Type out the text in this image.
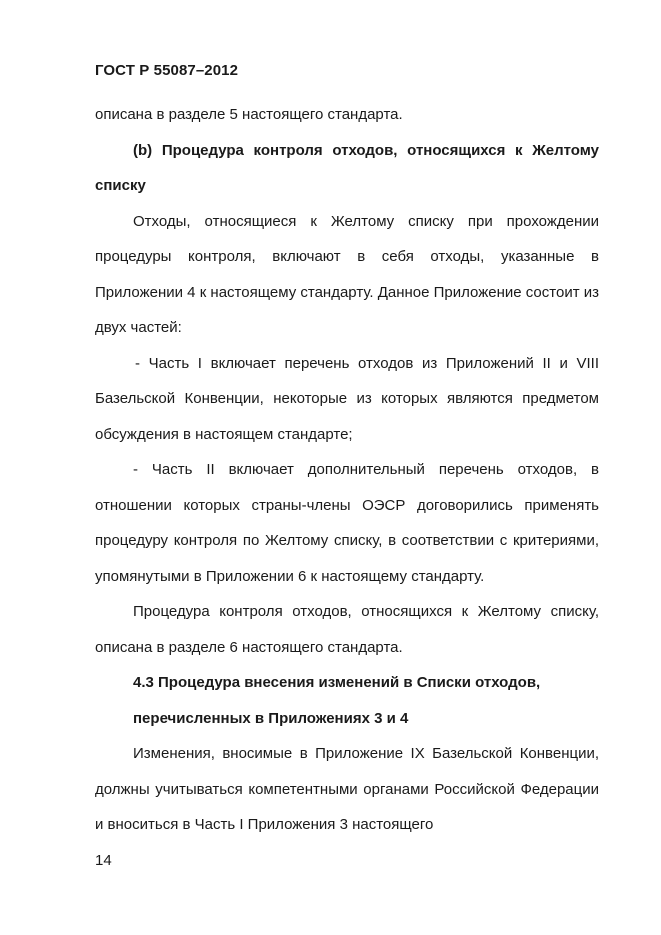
ГОСТ Р 55087–2012

описана в разделе 5 настоящего стандарта.

(b) Процедура контроля отходов, относящихся к Желтому списку

Отходы, относящиеся к Желтому списку при прохождении процедуры контроля, включают в себя отходы, указанные в Приложении 4 к настоящему стандарту. Данное Приложение состоит из двух частей:

- Часть I включает перечень отходов из Приложений II и VIII Базельской Конвенции, некоторые из которых являются предметом обсуждения в настоящем стандарте;

- Часть II включает дополнительный перечень отходов, в отношении которых страны-члены ОЭСР договорились применять процедуру контроля по Желтому списку, в соответствии с критериями, упомянутыми в Приложении 6 к настоящему стандарту.

Процедура контроля отходов, относящихся к Желтому списку, описана в разделе 6 настоящего стандарта.

4.3 Процедура внесения изменений в Списки отходов,

перечисленных в Приложениях 3 и 4

Изменения, вносимые в Приложение IX Базельской Конвенции, должны учитываться компетентными органами Российской Федерации и вноситься в Часть I Приложения 3 настоящего

14
